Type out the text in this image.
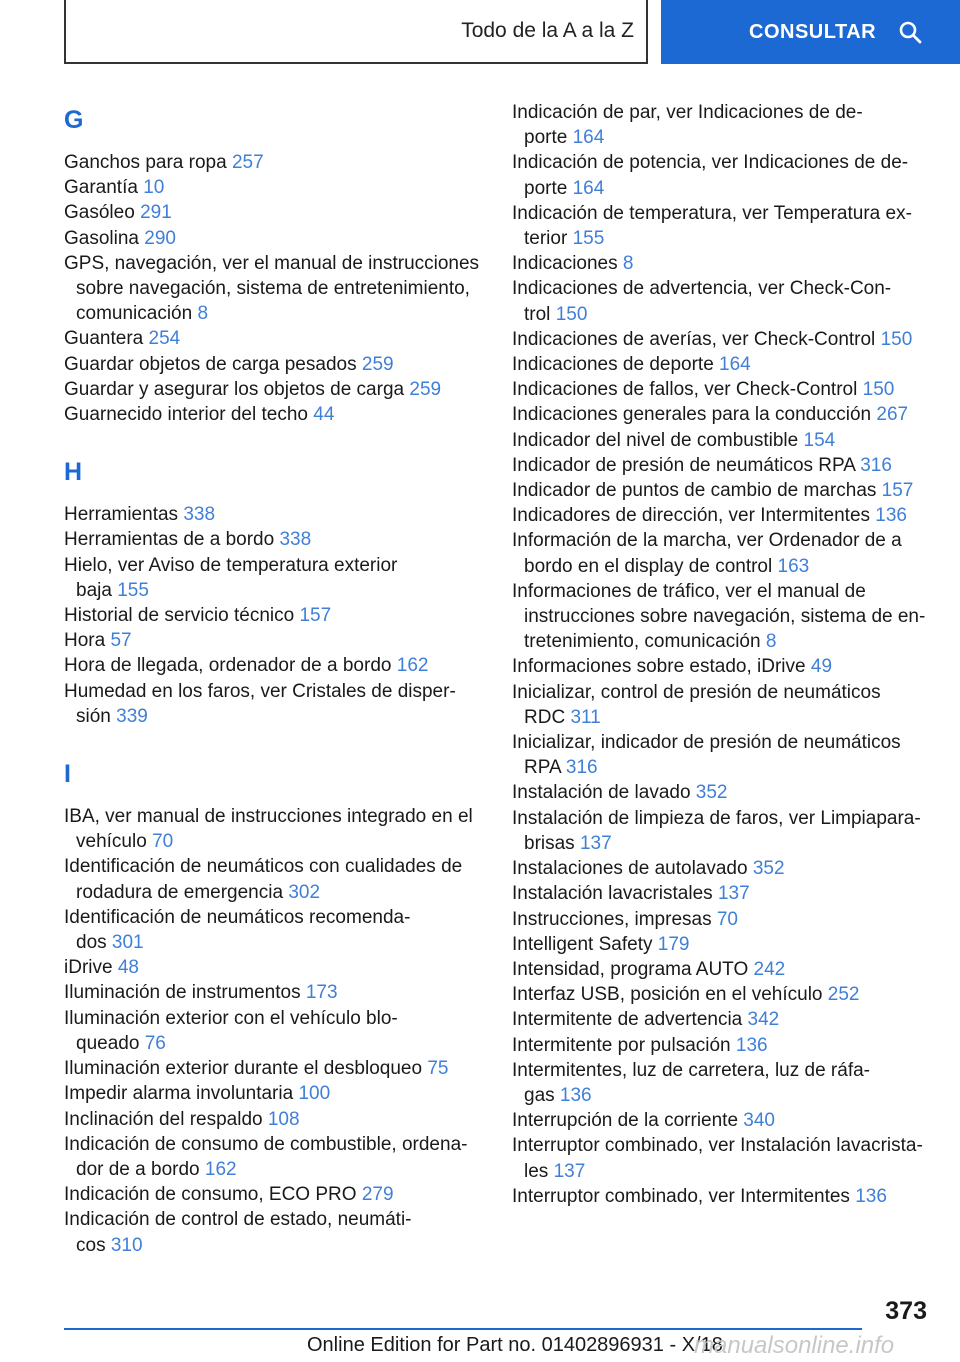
Todo de la A a la Z	CONSULTAR
G

Ganchos para ropa 257

Garantía 10

Gasóleo 291

Gasolina 290

GPS, navegación, ver el manual de instrucciones
sobre navegación, sistema de entretenimiento,
comunicación 8

Guantera 254

Guardar objetos de carga pesados 259

Guardar y asegurar los objetos de carga 259

Guarnecido interior del techo 44

H

Herramientas 338

Herramientas de a bordo 338

Hielo, ver Aviso de temperatura exterior
baja 155

Historial de servicio técnico 157

Hora 57

Hora de llegada, ordenador de a bordo 162

Humedad en los faros, ver Cristales de disper-
sión 339

I

IBA, ver manual de instrucciones integrado en el
vehículo 70

Identificación de neumáticos con cualidades de
rodadura de emergencia 302

Identificación de neumáticos recomenda-
dos 301

iDrive 48

Iluminación de instrumentos 173

Iluminación exterior con el vehículo blo-
queado 76

Iluminación exterior durante el desbloqueo 75

Impedir alarma involuntaria 100

Inclinación del respaldo 108

Indicación de consumo de combustible, ordena-
dor de a bordo 162

Indicación de consumo, ECO PRO 279

Indicación de control de estado, neumáti-
cos 310

Indicación de par, ver Indicaciones de de-
porte 164

Indicación de potencia, ver Indicaciones de de-
porte 164

Indicación de temperatura, ver Temperatura ex-
terior 155

Indicaciones 8

Indicaciones de advertencia, ver Check-Con-
trol 150

Indicaciones de averías, ver Check-Control 150

Indicaciones de deporte 164

Indicaciones de fallos, ver Check-Control 150

Indicaciones generales para la conducción 267

Indicador del nivel de combustible 154

Indicador de presión de neumáticos RPA 316

Indicador de puntos de cambio de marchas 157

Indicadores de dirección, ver Intermitentes 136

Información de la marcha, ver Ordenador de a
bordo en el display de control 163

Informaciones de tráfico, ver el manual de
instrucciones sobre navegación, sistema de en-
tretenimiento, comunicación 8

Informaciones sobre estado, iDrive 49

Inicializar, control de presión de neumáticos
RDC 311

Inicializar, indicador de presión de neumáticos
RPA 316

Instalación de lavado 352

Instalación de limpieza de faros, ver Limpiapara-
brisas 137

Instalaciones de autolavado 352

Instalación lavacristales 137

Instrucciones, impresas 70

Intelligent Safety 179

Intensidad, programa AUTO 242

Interfaz USB, posición en el vehículo 252

Intermitente de advertencia 342

Intermitente por pulsación 136

Intermitentes, luz de carretera, luz de ráfa-
gas 136

Interrupción de la corriente 340

Interruptor combinado, ver Instalación lavacrista-
les 137

Interruptor combinado, ver Intermitentes 136

373
Online Edition for Part no. 01402896931 - X/18
manualsonline.info
